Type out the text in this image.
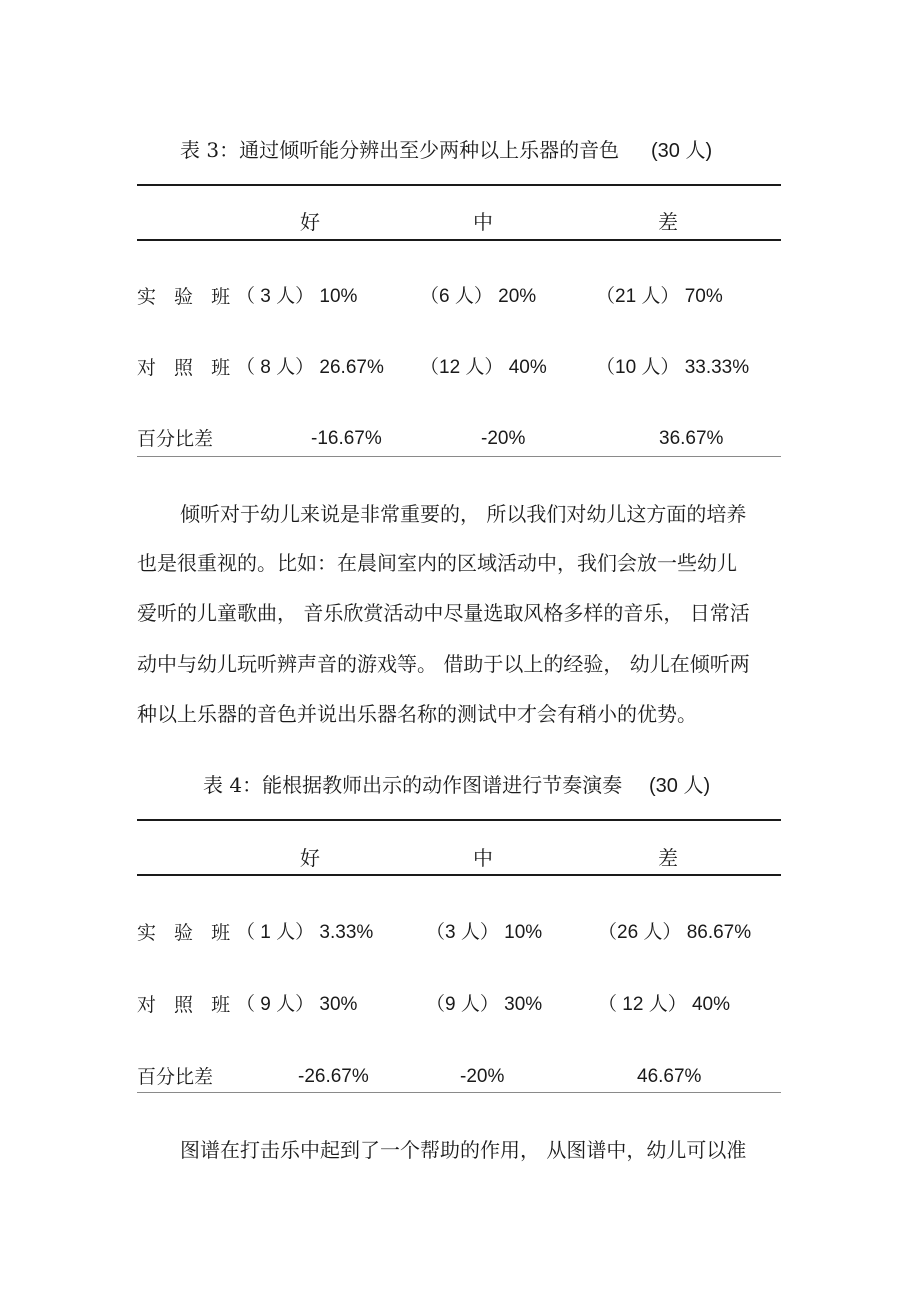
表 3：通过倾听能分辨出至少两种以上乐器的音色 (30 人)
好	中	差
实 验 班 （ 3 人） 10%	（6 人） 20%	（21 人） 70%
对 照 班 （ 8 人） 26.67% （12 人） 40%	（10 人） 33.33%
百分比差	-16.67%	-20%	36.67%
倾听对于幼儿来说是非常重要的， 所以我们对幼儿这方面的培养
也是很重视的。比如：在晨间室内的区域活动中，我们会放一些幼儿
爱听的儿童歌曲， 音乐欣赏活动中尽量选取风格多样的音乐， 日常活
动中与幼儿玩听辨声音的游戏等。 借助于以上的经验， 幼儿在倾听两
种以上乐器的音色并说出乐器名称的测试中才会有稍小的优势。
表 4：能根据教师出示的动作图谱进行节奏演奏 (30 人)
好	中	差
实 验 班 （ 1 人） 3.33%	（3 人） 10%	（26 人） 86.67%
对 照 班 （ 9 人） 30%	（9 人） 30%	（ 12 人） 40%
百分比差	-26.67%	-20%	46.67%
图谱在打击乐中起到了一个帮助的作用， 从图谱中，幼儿可以准
